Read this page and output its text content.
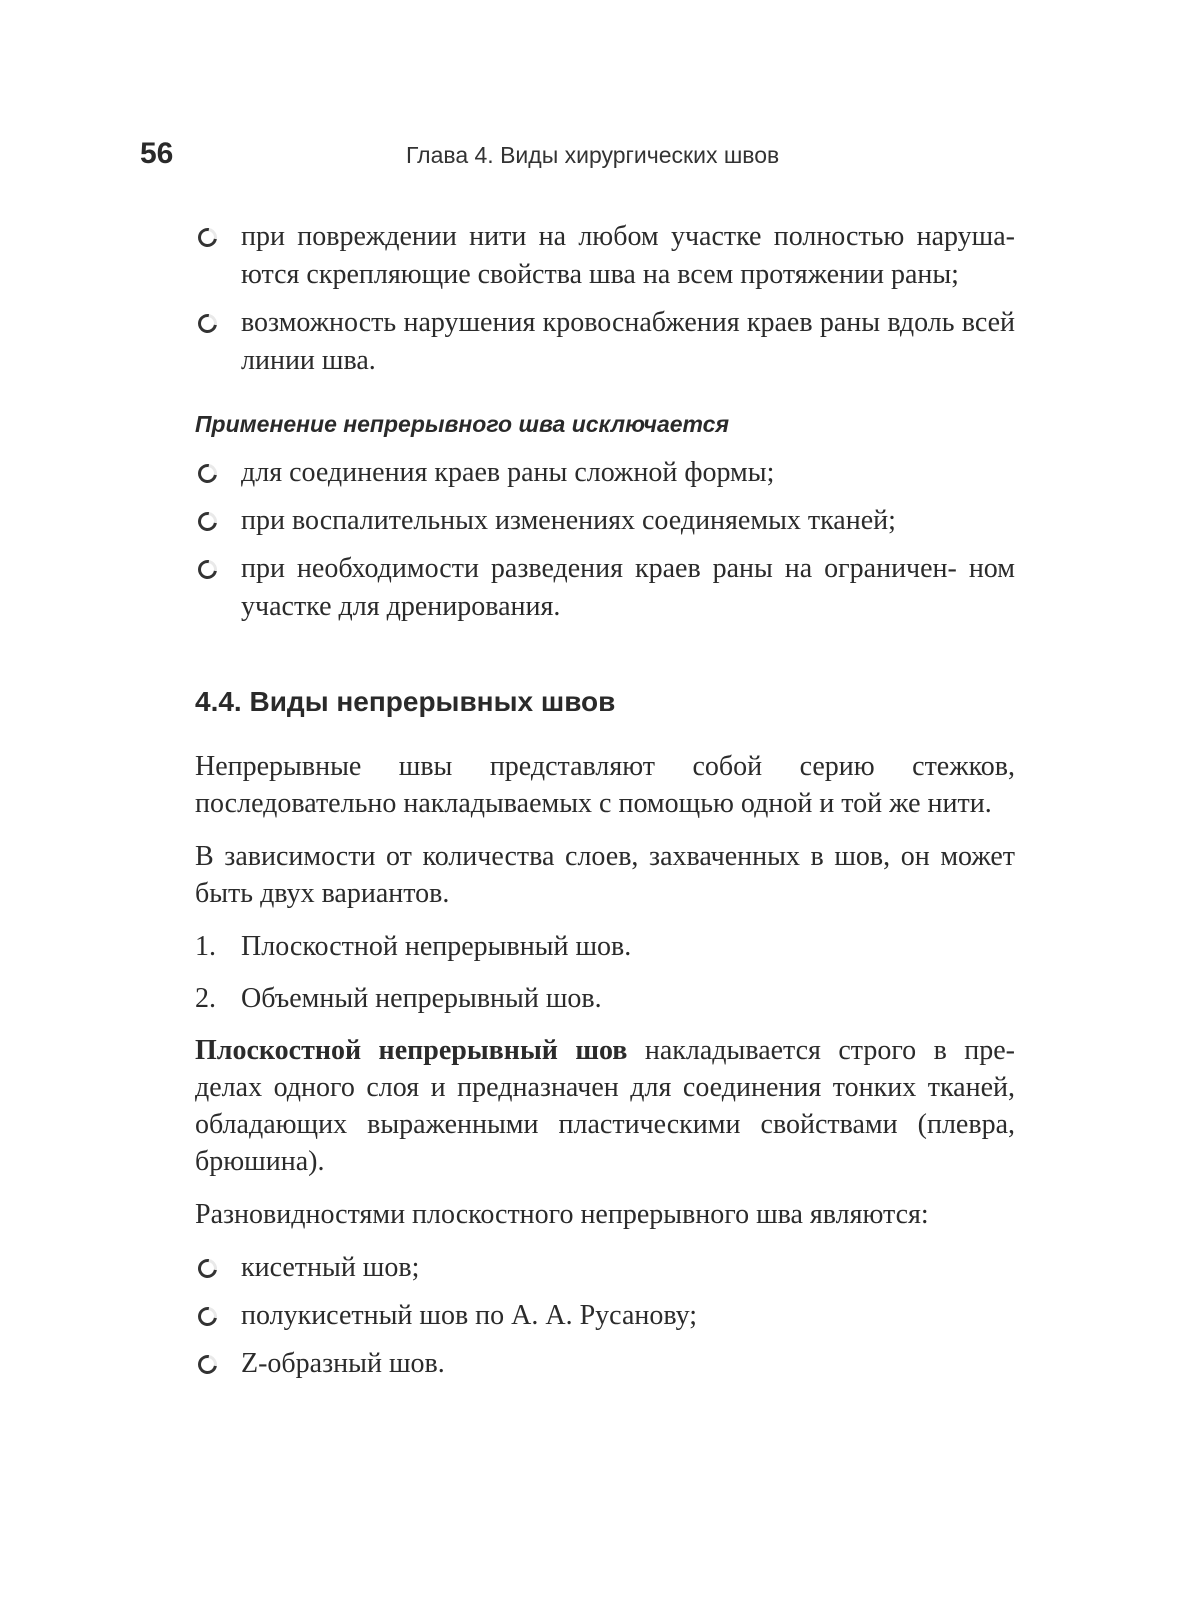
56	Глава 4. Виды хирургических швов
при повреждении нити на любом участке полностью наруша- ются скрепляющие свойства шва на всем протяжении раны;
возможность нарушения кровоснабжения краев раны вдоль всей линии шва.
Применение непрерывного шва исключается
для соединения краев раны сложной формы;
при воспалительных изменениях соединяемых тканей;
при необходимости разведения краев раны на ограничен- ном участке для дренирования.
4.4. Виды непрерывных швов

Непрерывные швы представляют собой серию стежков, последовательно накладываемых с помощью одной и той же нити.

В зависимости от количества слоев, захваченных в шов, он может быть двух вариантов.

1. Плоскостной непрерывный шов.
2. Объемный непрерывный шов.

Плоскостной непрерывный шов накладывается строго в пре- делах одного слоя и предназначен для соединения тонких тканей, обладающих выраженными пластическими свойствами (плевра, брюшина).

Разновидностями плоскостного непрерывного шва являются:

кисетный шов;
полукисетный шов по А. А. Русанову;
Z-образный шов.
